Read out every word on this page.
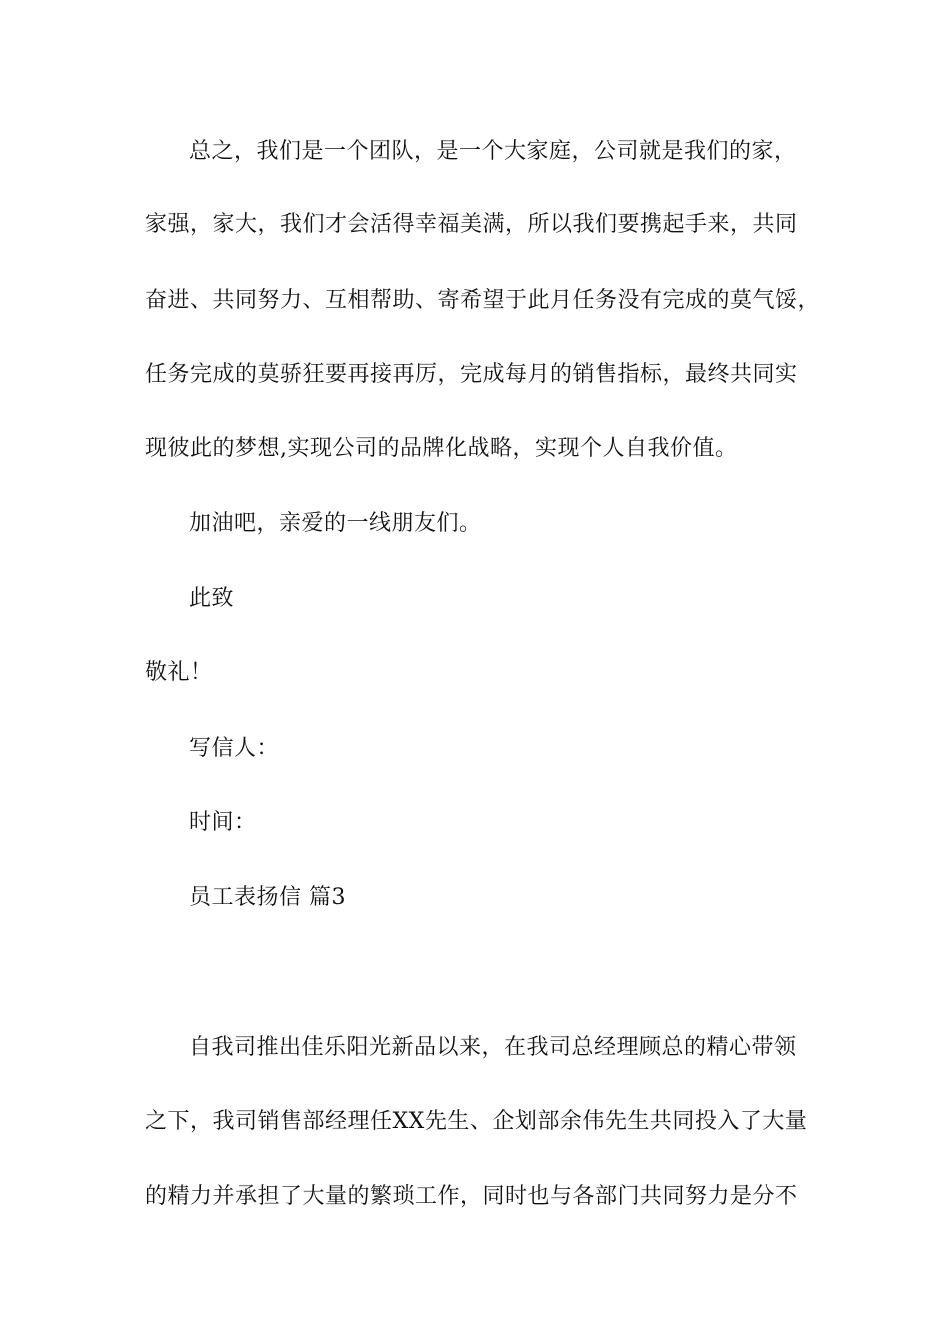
总之，我们是一个团队，是一个大家庭，公司就是我们的家，
家强，家大，我们才会活得幸福美满，所以我们要携起手来，共同
奋进、共同努力、互相帮助、寄希望于此月任务没有完成的莫气馁，
任务完成的莫骄狂要再接再厉，完成每月的销售指标，最终共同实
现彼此的梦想,实现公司的品牌化战略，实现个人自我价值。
加油吧，亲爱的一线朋友们。
此致
敬礼！
写信人：
时间：
员工表扬信 篇3
自我司推出佳乐阳光新品以来，在我司总经理顾总的精心带领
之下，我司销售部经理任XX先生、企划部余伟先生共同投入了大量
的精力并承担了大量的繁琐工作，同时也与各部门共同努力是分不
